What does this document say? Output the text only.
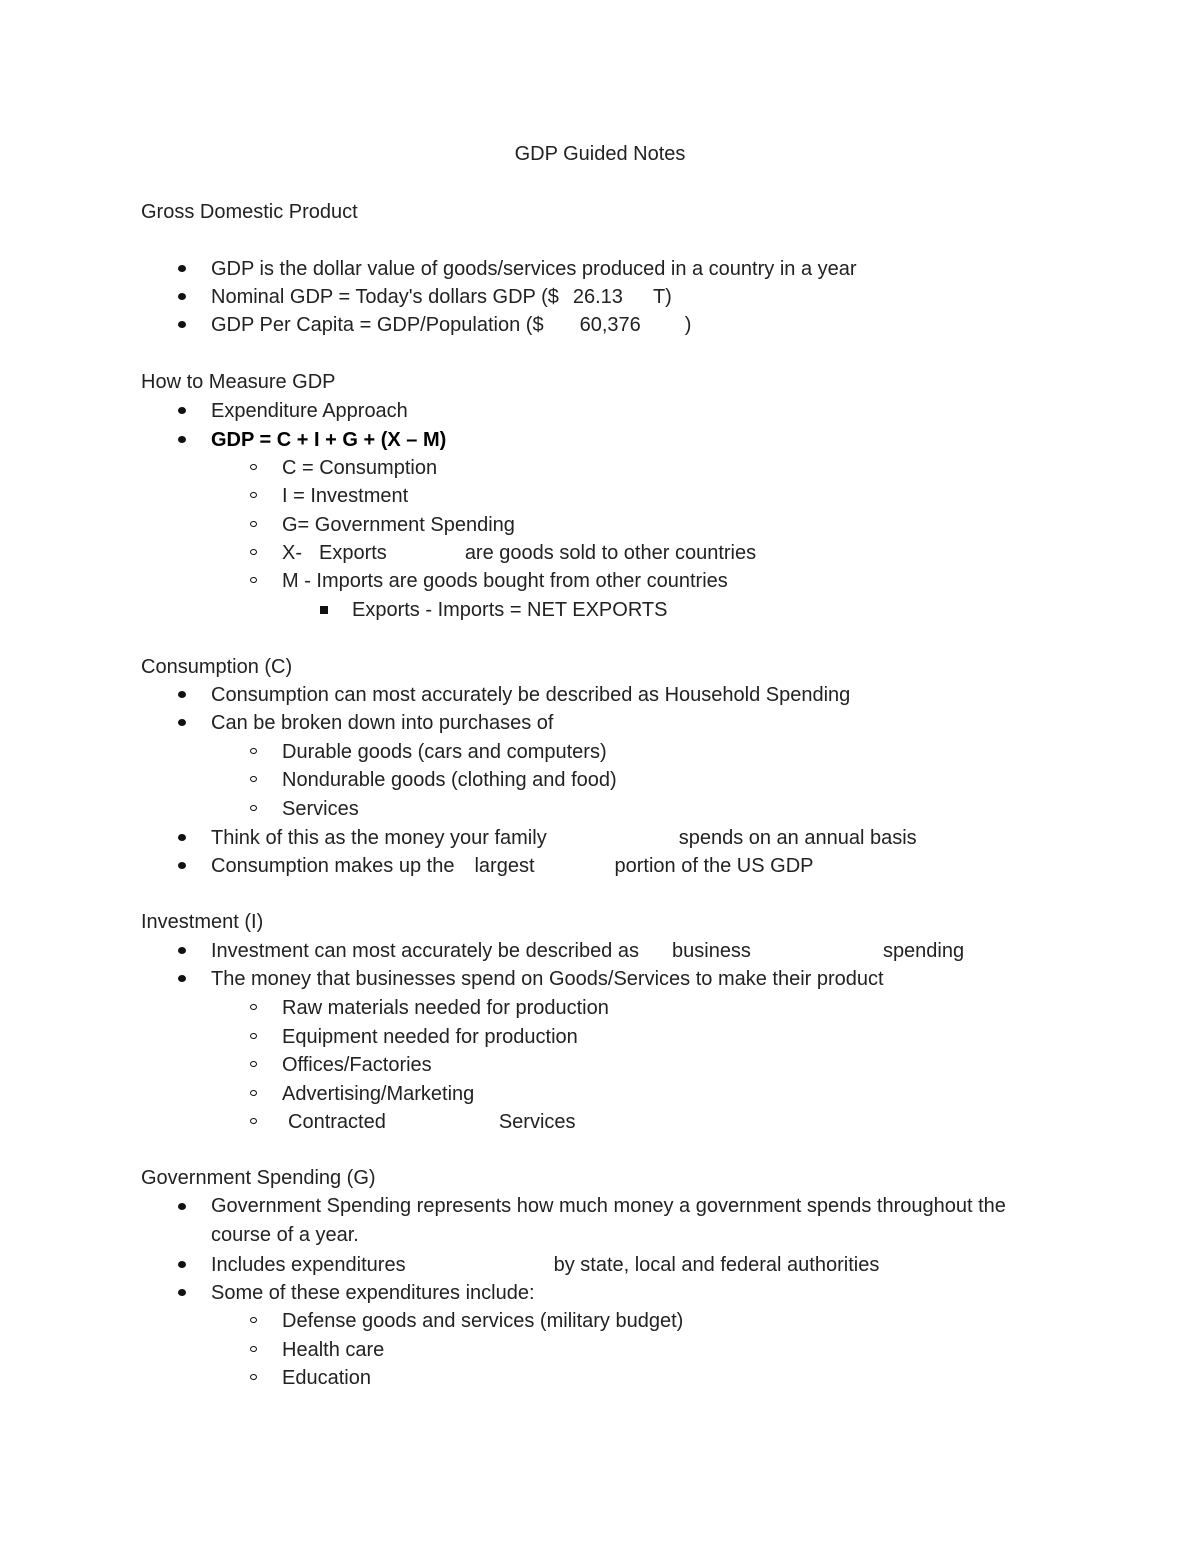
GDP Guided Notes
Gross Domestic Product
GDP is the dollar value of goods/services produced in a country in a year
Nominal GDP = Today's dollars GDP ($ 26.13 T)
GDP Per Capita = GDP/Population ($ 60,376 )
How to Measure GDP
Expenditure Approach
GDP = C + I + G + (X – M)
C = Consumption
I = Investment
G= Government Spending
X- Exports	are goods sold to other countries
M - Imports are goods bought from other countries
Exports - Imports = NET EXPORTS
Consumption (C)
Consumption can most accurately be described as Household Spending
Can be broken down into purchases of
Durable goods (cars and computers)
Nondurable goods (clothing and food)
Services
Think of this as the money your family	spends on an annual basis
Consumption makes up the largest	portion of the US GDP
Investment (I)
Investment can most accurately be described as business	spending
The money that businesses spend on Goods/Services to make their product
Raw materials needed for production
Equipment needed for production
Offices/Factories
Advertising/Marketing
Contracted	Services
Government Spending (G)
Government Spending represents how much money a government spends throughout the course of a year.
Includes expenditures	by state, local and federal authorities
Some of these expenditures include:
Defense goods and services (military budget)
Health care
Education
